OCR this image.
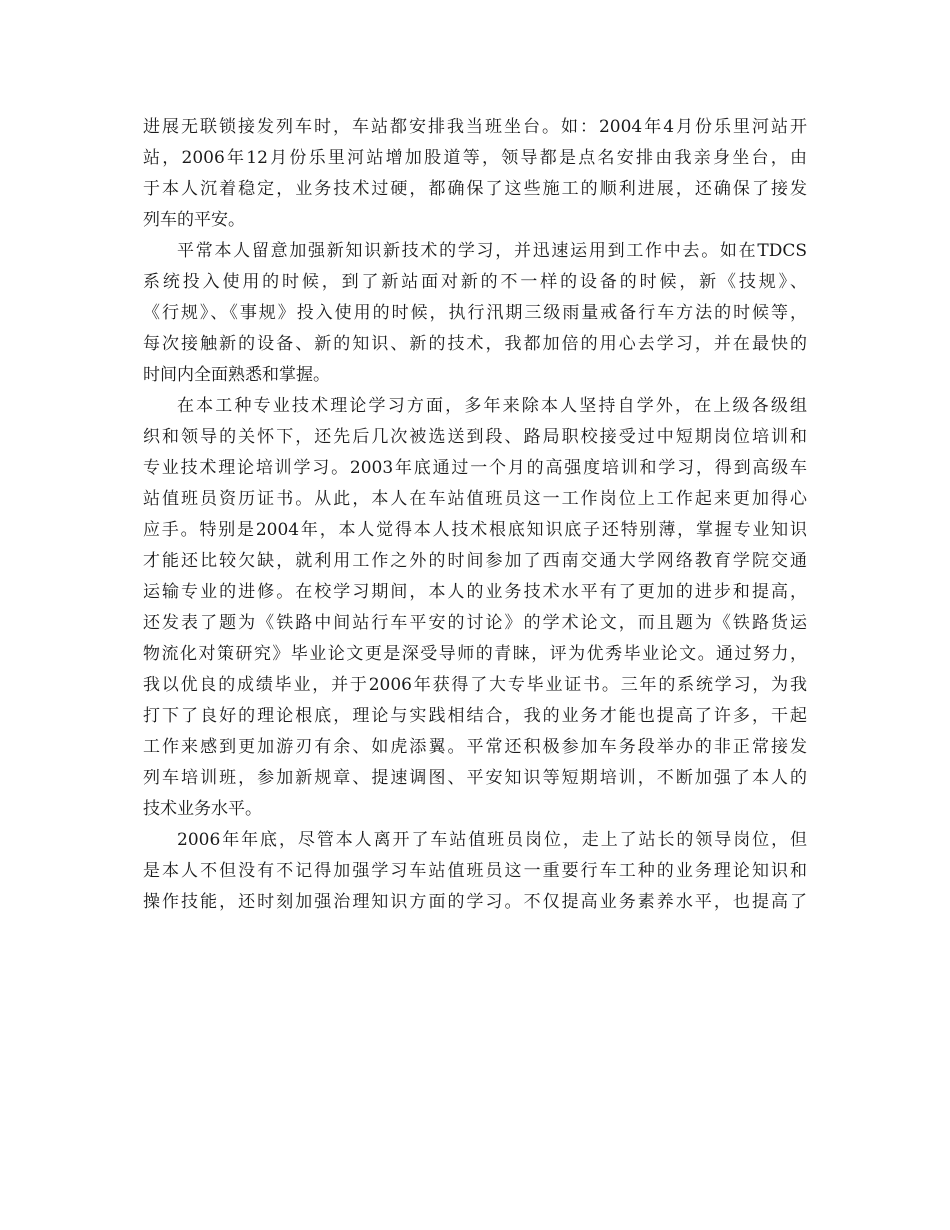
进展无联锁接发列车时，车站都安排我当班坐台。如：2004年4月份乐里河站开
站，2006年12月份乐里河站增加股道等，领导都是点名安排由我亲身坐台，由
于本人沉着稳定，业务技术过硬，都确保了这些施工的顺利进展，还确保了接发
列车的平安。
平常本人留意加强新知识新技术的学习，并迅速运用到工作中去。如在TDCS
系统投入使用的时候，到了新站面对新的不一样的设备的时候，新《技规》、
《行规》、《事规》投入使用的时候，执行汛期三级雨量戒备行车方法的时候等，
每次接触新的设备、新的知识、新的技术，我都加倍的用心去学习，并在最快的
时间内全面熟悉和掌握。
在本工种专业技术理论学习方面，多年来除本人坚持自学外，在上级各级组
织和领导的关怀下，还先后几次被选送到段、路局职校接受过中短期岗位培训和
专业技术理论培训学习。2003年底通过一个月的高强度培训和学习，得到高级车
站值班员资历证书。从此，本人在车站值班员这一工作岗位上工作起来更加得心
应手。特别是2004年，本人觉得本人技术根底知识底子还特别薄，掌握专业知识
才能还比较欠缺，就利用工作之外的时间参加了西南交通大学网络教育学院交通
运输专业的进修。在校学习期间，本人的业务技术水平有了更加的进步和提高，
还发表了题为《铁路中间站行车平安的讨论》的学术论文，而且题为《铁路货运
物流化对策研究》毕业论文更是深受导师的青睐，评为优秀毕业论文。通过努力，
我以优良的成绩毕业，并于2006年获得了大专毕业证书。三年的系统学习，为我
打下了良好的理论根底，理论与实践相结合，我的业务才能也提高了许多，干起
工作来感到更加游刃有余、如虎添翼。平常还积极参加车务段举办的非正常接发
列车培训班，参加新规章、提速调图、平安知识等短期培训，不断加强了本人的
技术业务水平。
2006年年底，尽管本人离开了车站值班员岗位，走上了站长的领导岗位，但
是本人不但没有不记得加强学习车站值班员这一重要行车工种的业务理论知识和
操作技能，还时刻加强治理知识方面的学习。不仅提高业务素养水平，也提高了
